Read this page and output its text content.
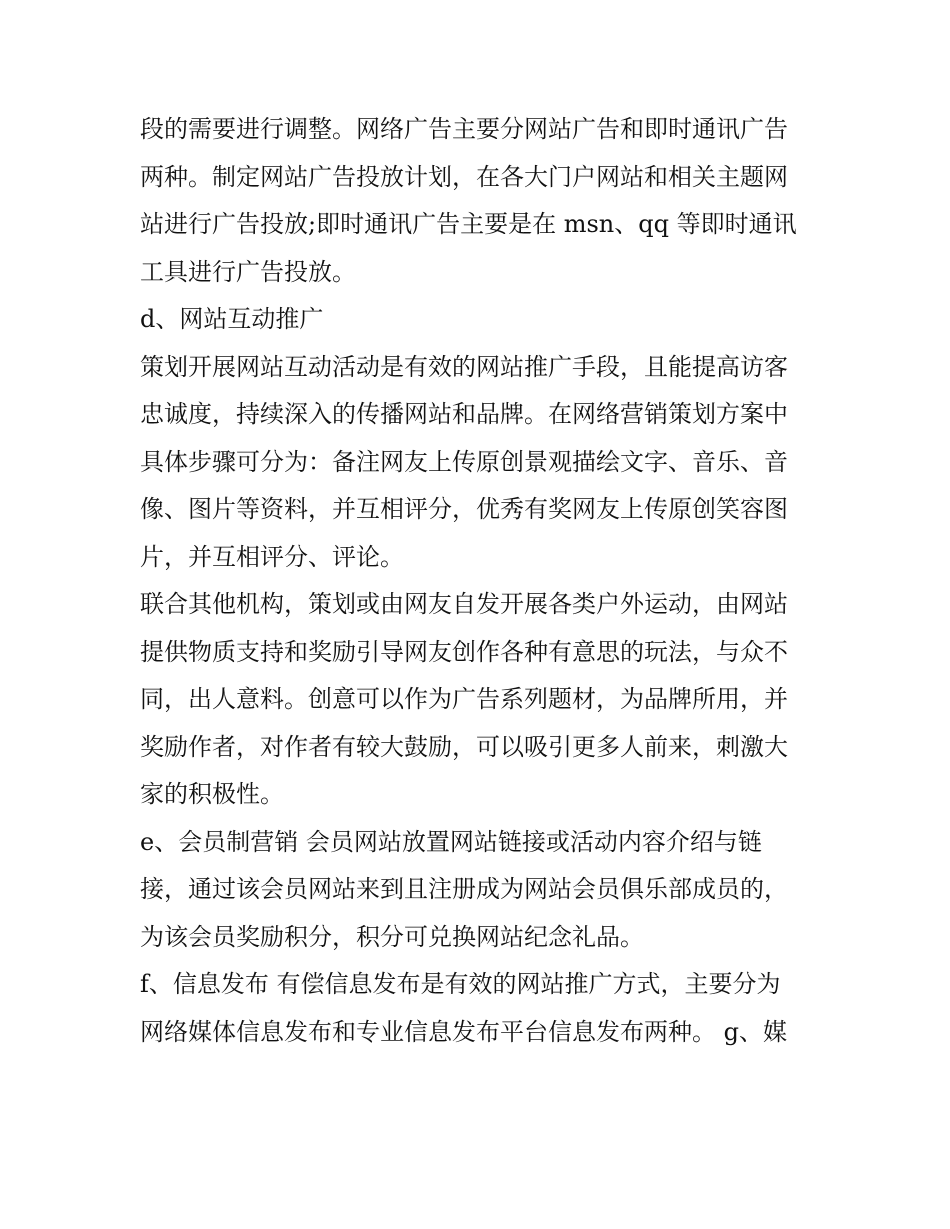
段的需要进行调整。网络广告主要分网站广告和即时通讯广告
两种。制定网站广告投放计划，在各大门户网站和相关主题网
站进行广告投放;即时通讯广告主要是在 msn、qq 等即时通讯
工具进行广告投放。
d、网站互动推广
策划开展网站互动活动是有效的网站推广手段，且能提高访客
忠诚度，持续深入的传播网站和品牌。在网络营销策划方案中
具体步骤可分为：备注网友上传原创景观描绘文字、音乐、音
像、图片等资料，并互相评分，优秀有奖网友上传原创笑容图
片，并互相评分、评论。
联合其他机构，策划或由网友自发开展各类户外运动，由网站
提供物质支持和奖励引导网友创作各种有意思的玩法，与众不
同，出人意料。创意可以作为广告系列题材，为品牌所用，并
奖励作者，对作者有较大鼓励，可以吸引更多人前来，刺激大
家的积极性。
e、会员制营销 会员网站放置网站链接或活动内容介绍与链
接，通过该会员网站来到且注册成为网站会员俱乐部成员的，
为该会员奖励积分，积分可兑换网站纪念礼品。
f、信息发布 有偿信息发布是有效的网站推广方式，主要分为
网络媒体信息发布和专业信息发布平台信息发布两种。 g、媒
